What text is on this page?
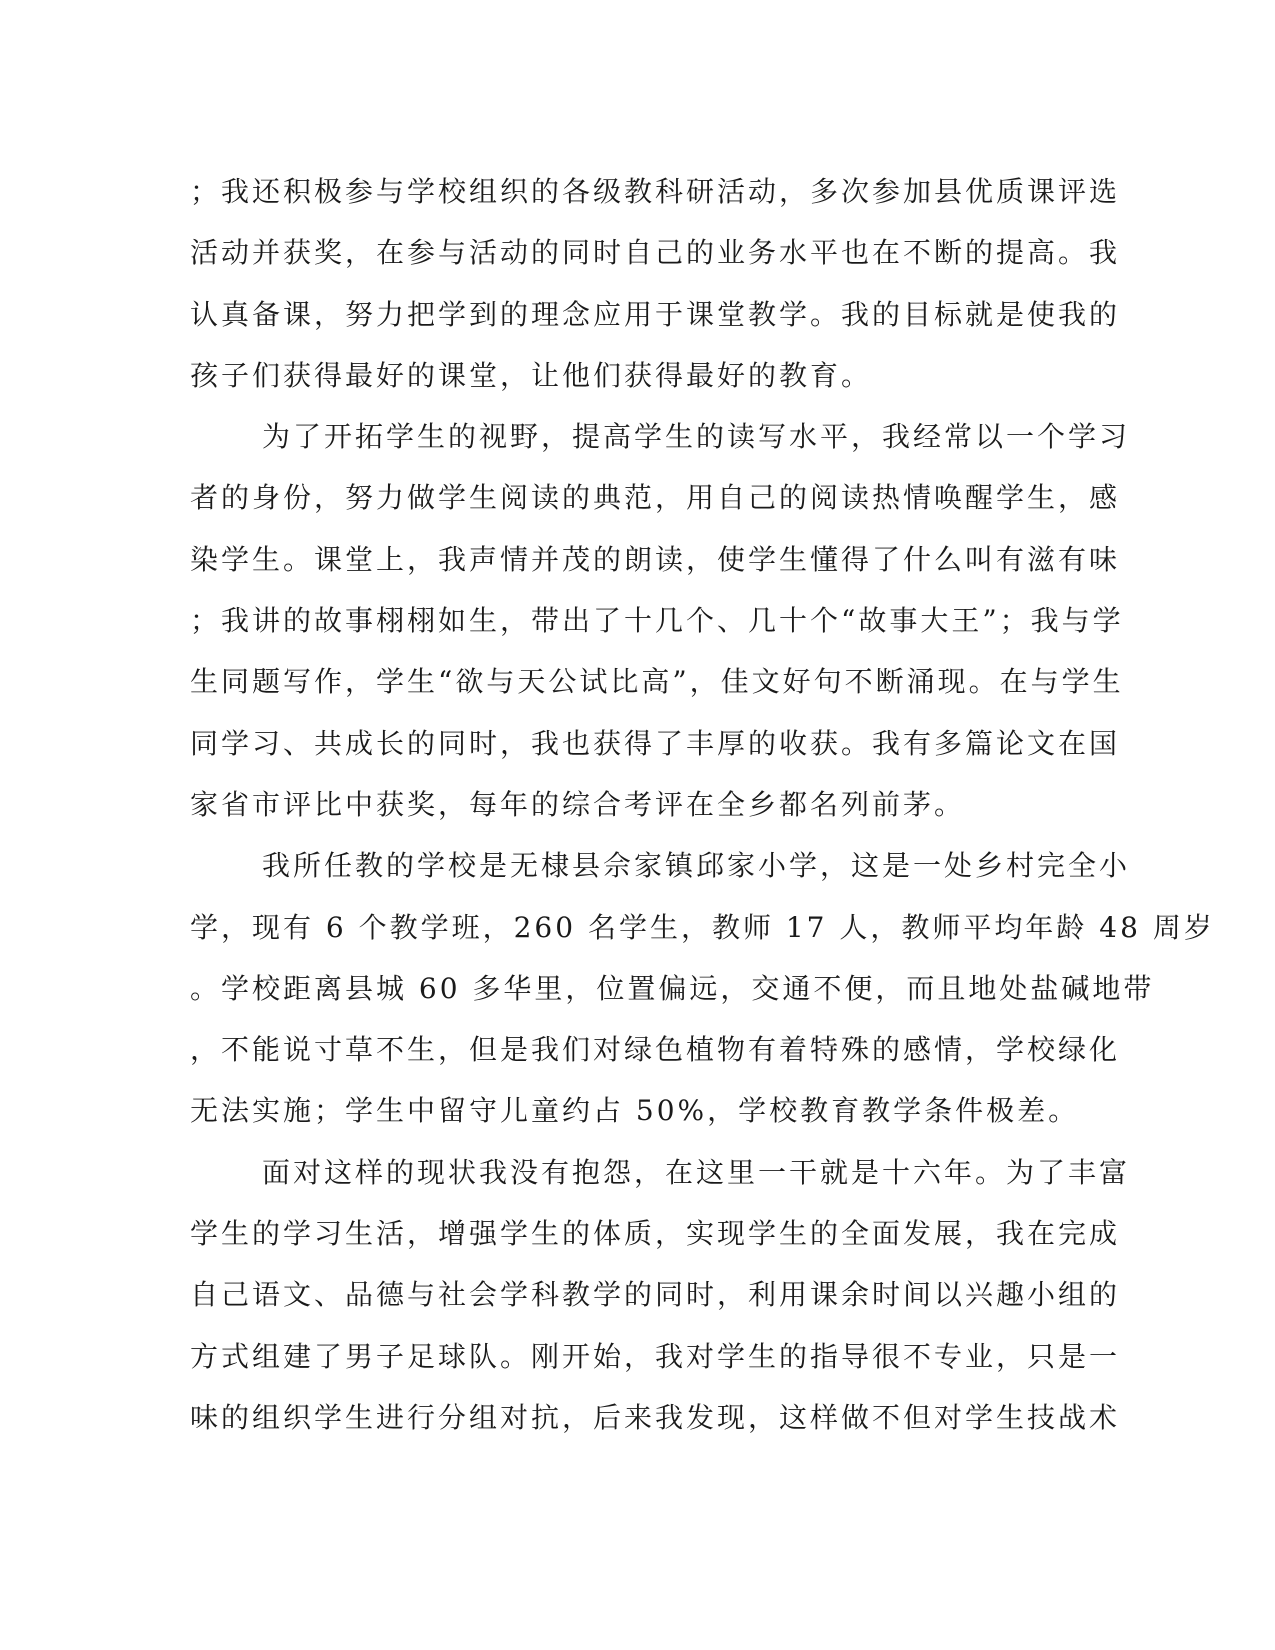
；我还积极参与学校组织的各级教科研活动，多次参加县优质课评选
活动并获奖，在参与活动的同时自己的业务水平也在不断的提高。我
认真备课，努力把学到的理念应用于课堂教学。我的目标就是使我的
孩子们获得最好的课堂，让他们获得最好的教育。
为了开拓学生的视野，提高学生的读写水平，我经常以一个学习
者的身份，努力做学生阅读的典范，用自己的阅读热情唤醒学生，感
染学生。课堂上，我声情并茂的朗读，使学生懂得了什么叫有滋有味
；我讲的故事栩栩如生，带出了十几个、几十个“故事大王”；我与学
生同题写作，学生“欲与天公试比高”，佳文好句不断涌现。在与学生
同学习、共成长的同时，我也获得了丰厚的收获。我有多篇论文在国
家省市评比中获奖，每年的综合考评在全乡都名列前茅。
我所任教的学校是无棣县佘家镇邱家小学，这是一处乡村完全小
学，现有 6 个教学班，260 名学生，教师 17 人，教师平均年龄 48 周岁
。学校距离县城 60 多华里，位置偏远，交通不便，而且地处盐碱地带
，不能说寸草不生，但是我们对绿色植物有着特殊的感情，学校绿化
无法实施；学生中留守儿童约占 50%，学校教育教学条件极差。
面对这样的现状我没有抱怨，在这里一干就是十六年。为了丰富
学生的学习生活，增强学生的体质，实现学生的全面发展，我在完成
自己语文、品德与社会学科教学的同时，利用课余时间以兴趣小组的
方式组建了男子足球队。刚开始，我对学生的指导很不专业，只是一
味的组织学生进行分组对抗，后来我发现，这样做不但对学生技战术
